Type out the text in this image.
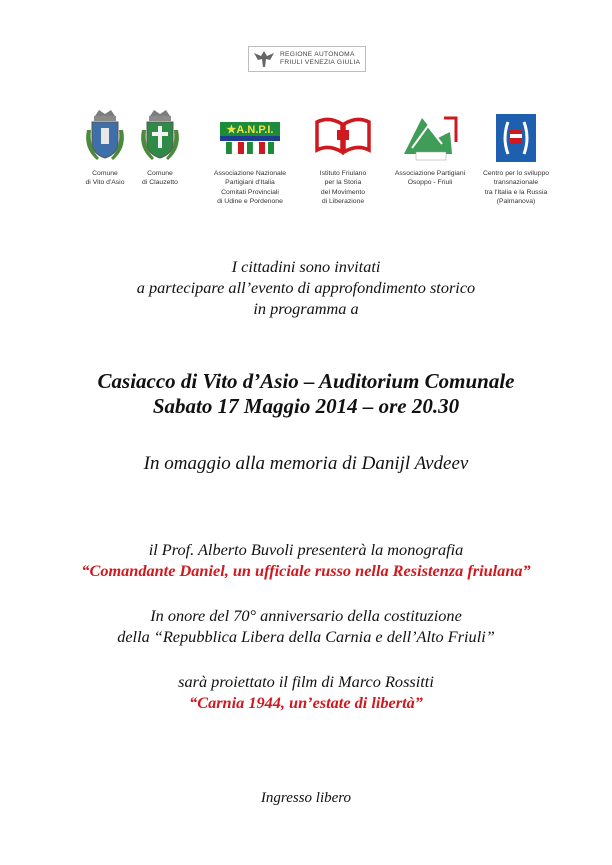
REGIONE AUTONOMA
FRIULI VENEZIA GIULIA
Comune
di Vito d'Asio
Comune
di Clauzetto
★A.N.P.I.
Associazione Nazionale
Partigiani d'Italia
Comitati Provinciali
di Udine e Pordenone
Istituto Friulano
per la Storia
del Movimento
di Liberazione
Associazione Partigiani
Osoppo - Friuli
Centro per lo sviluppo
transnazionale
tra l'Italia e la Russia
(Palmanova)
I cittadini sono invitati
a partecipare all’evento di approfondimento storico
in programma a
Casiacco di Vito d’Asio – Auditorium Comunale
Sabato 17 Maggio 2014 – ore 20.30
In omaggio alla memoria di Danijl Avdeev
il Prof. Alberto Buvoli presenterà la monografia
“Comandante Daniel, un ufficiale russo nella Resistenza friulana”
In onore del 70° anniversario della costituzione
della “Repubblica Libera della Carnia e dell’Alto Friuli”
sarà proiettato il film di Marco Rossitti
“Carnia 1944, un’estate di libertà”
Ingresso libero
